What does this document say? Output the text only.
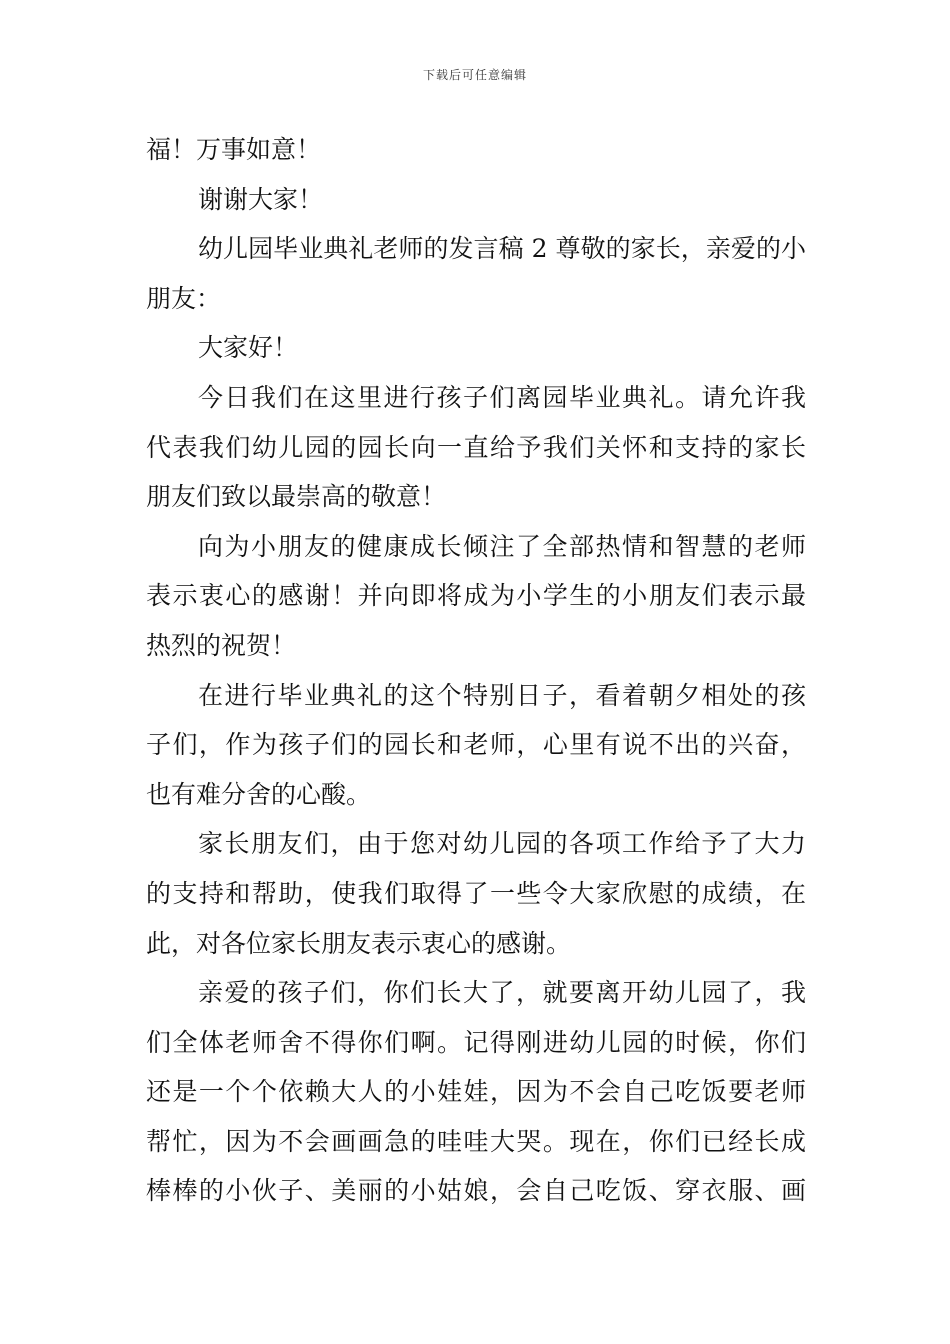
下载后可任意编辑
福！万事如意！
谢谢大家！
幼儿园毕业典礼老师的发言稿 2 尊敬的家长，亲爱的小
朋友：
大家好！
今日我们在这里进行孩子们离园毕业典礼。请允许我
代表我们幼儿园的园长向一直给予我们关怀和支持的家长
朋友们致以最崇高的敬意！
向为小朋友的健康成长倾注了全部热情和智慧的老师
表示衷心的感谢！并向即将成为小学生的小朋友们表示最
热烈的祝贺！
在进行毕业典礼的这个特别日子，看着朝夕相处的孩
子们，作为孩子们的园长和老师，心里有说不出的兴奋，
也有难分舍的心酸。
家长朋友们，由于您对幼儿园的各项工作给予了大力
的支持和帮助，使我们取得了一些令大家欣慰的成绩，在
此，对各位家长朋友表示衷心的感谢。
亲爱的孩子们，你们长大了，就要离开幼儿园了，我
们全体老师舍不得你们啊。记得刚进幼儿园的时候，你们
还是一个个依赖大人的小娃娃，因为不会自己吃饭要老师
帮忙，因为不会画画急的哇哇大哭。现在，你们已经长成
棒棒的小伙子、美丽的小姑娘，会自己吃饭、穿衣服、画
